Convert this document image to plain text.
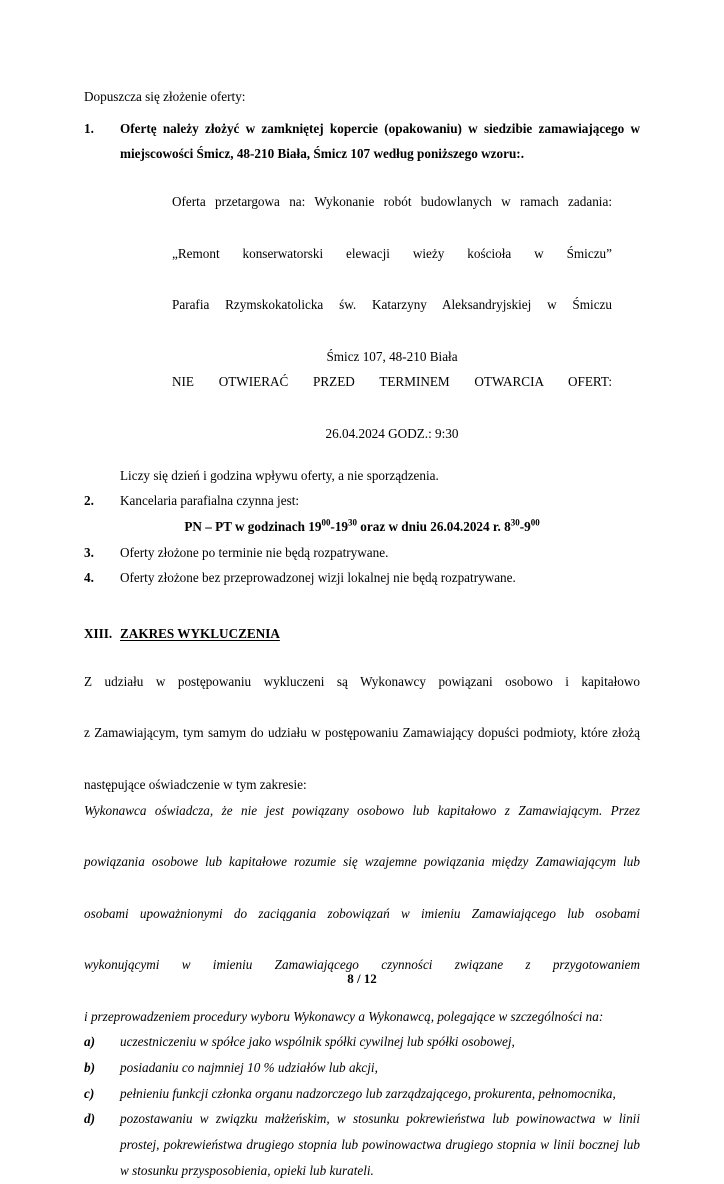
Dopuszcza się złożenie oferty:

1.	Ofertę należy złożyć w zamkniętej kopercie (opakowaniu) w siedzibie zamawiającego w miejscowości Śmicz, 48-210 Biała, Śmicz 107 według poniższego wzoru:.
Oferta przetargowa na: Wykonanie robót budowlanych w ramach zadania:
„Remont konserwatorski elewacji wieży kościoła w Śmiczu”
Parafia Rzymskokatolicka św. Katarzyny Aleksandryjskiej w Śmiczu
Śmicz 107, 48-210 Biała
NIE OTWIERAĆ PRZED TERMINEM OTWARCIA OFERT:
26.04.2024 GODZ.: 9:30
Liczy się dzień i godzina wpływu oferty, a nie sporządzenia.
2.	Kancelaria parafialna czynna jest:
PN – PT w godzinach $19^{00}-19^{30}$ oraz w dniu 26.04.2024 r. $8^{30}-9^{00}$
3.	Oferty złożone po terminie nie będą rozpatrywane.
4.	Oferty złożone bez przeprowadzonej wizji lokalnej nie będą rozpatrywane.
XIII. ZAKRES WYKLUCZENIA
Z udziału w postępowaniu wykluczeni są Wykonawcy powiązani osobowo i kapitałowo
z Zamawiającym, tym samym do udziału w postępowaniu Zamawiający dopuści podmioty, które złożą
następujące oświadczenie w tym zakresie:
Wykonawca oświadcza, że nie jest powiązany osobowo lub kapitałowo z Zamawiającym. Przez
powiązania osobowe lub kapitałowe rozumie się wzajemne powiązania między Zamawiającym lub
osobami upoważnionymi do zaciągania zobowiązań w imieniu Zamawiającego lub osobami
wykonującymi w imieniu Zamawiającego czynności związane z przygotowaniem
i przeprowadzeniem procedury wyboru Wykonawcy a Wykonawcą, polegające w szczególności na:
a)	uczestniczeniu w spółce jako wspólnik spółki cywilnej lub spółki osobowej,
b)	posiadaniu co najmniej 10 % udziałów lub akcji,
c)	pełnieniu funkcji członka organu nadzorczego lub zarządzającego, prokurenta, pełnomocnika,
d)	pozostawaniu w związku małżeńskim, w stosunku pokrewieństwa lub powinowactwa w linii prostej, pokrewieństwa drugiego stopnia lub powinowactwa drugiego stopnia w linii bocznej lub w stosunku przysposobienia, opieki lub kurateli.
8 / 12
